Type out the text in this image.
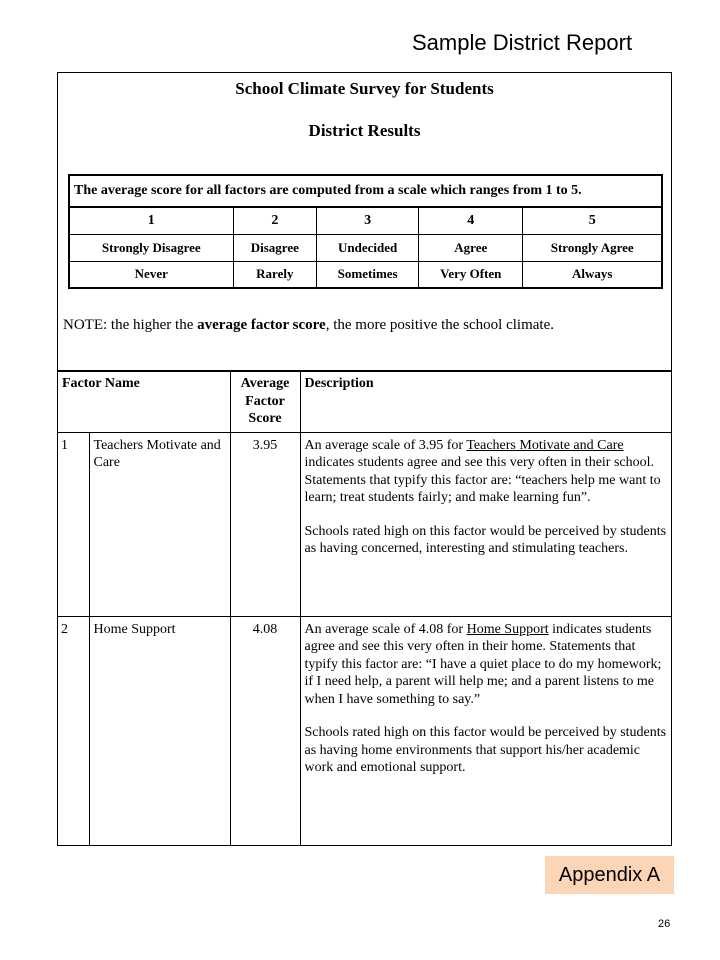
Sample District Report
School Climate Survey for Students
District Results
The average score for all factors are computed from a scale which ranges from 1 to 5.				
1	2	3	4	5
Strongly Disagree	Disagree	Undecided	Agree	Strongly Agree
Never	Rarely	Sometimes	Very Often	Always
NOTE: the higher the average factor score, the more positive the school climate.
Factor Name		Average
Factor
Score	Description
1	Teachers Motivate and Care	3.95	An average scale of 3.95 for Teachers Motivate and Care indicates students agree and see this very often in their school. Statements that typify this factor are: “teachers help me want to learn; treat students fairly; and make learning fun”.

Schools rated high on this factor would be perceived by students as having concerned, interesting and stimulating teachers.

2	Home Support	4.08	An average scale of 4.08 for Home Support indicates students agree and see this very often in their home. Statements that typify this factor are: “I have a quiet place to do my homework; if I need help, a parent will help me; and a parent listens to me when I have something to say.”

Schools rated high on this factor would be perceived by students as having home environments that support his/her academic work and emotional support.

Appendix A
26
